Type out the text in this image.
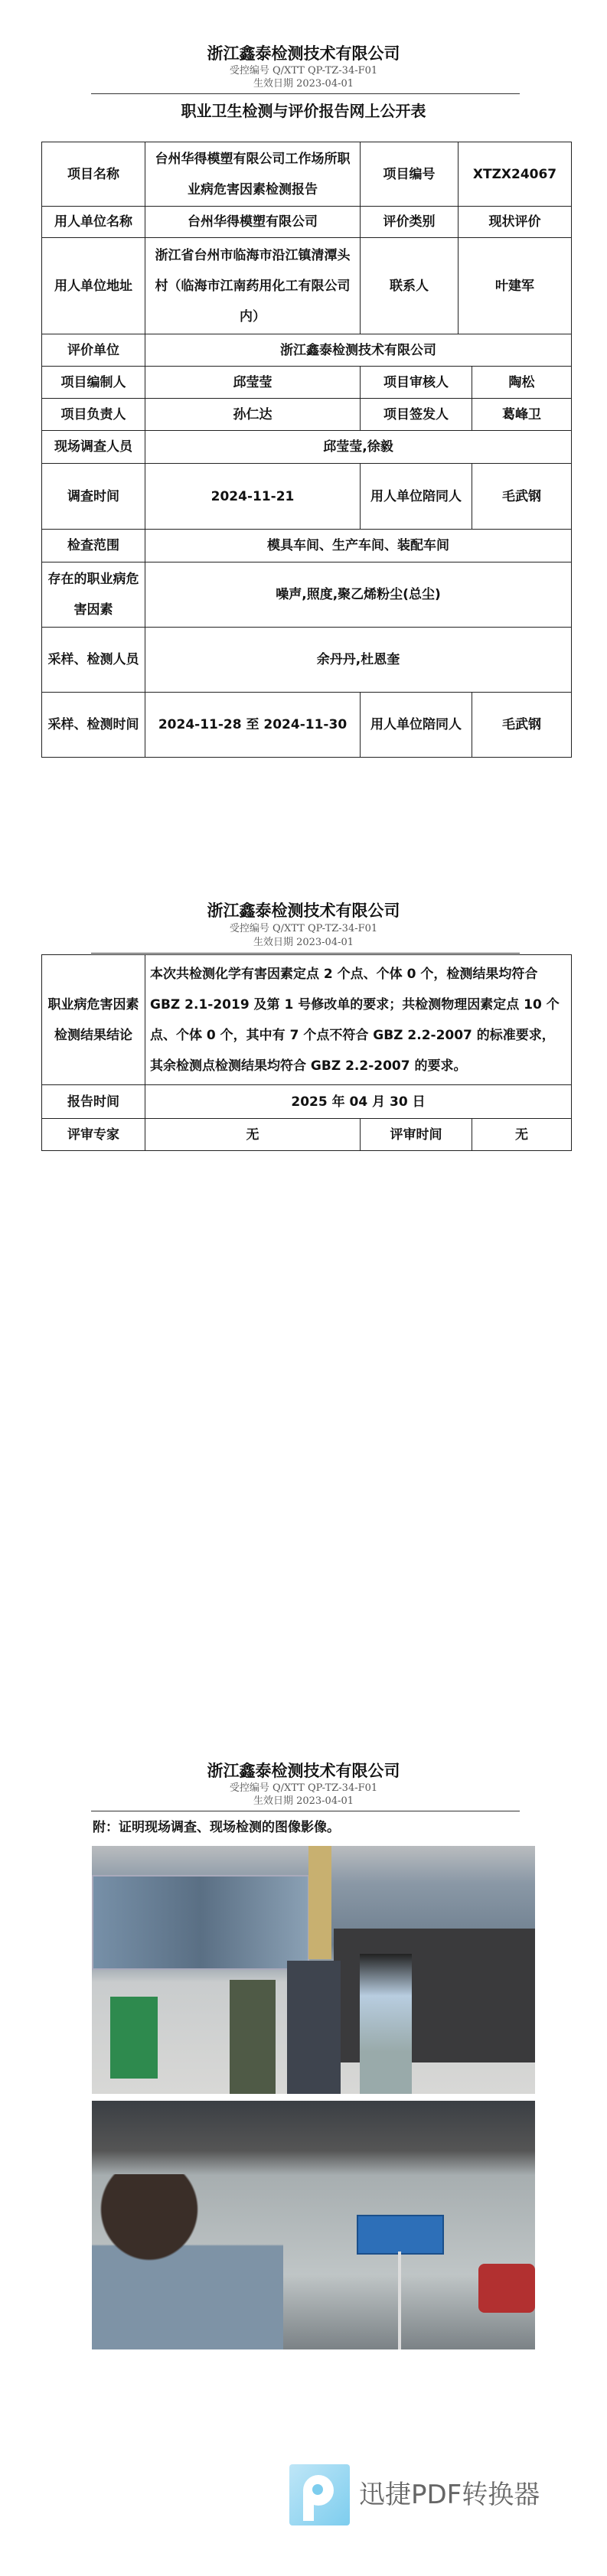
浙江鑫泰检测技术有限公司
受控编号 Q/XTT QP-TZ-34-F01
生效日期 2023-04-01
职业卫生检测与评价报告网上公开表
项目名称	台州华得模塑有限公司工作场所职业病危害因素检测报告	项目编号	XTZX24067	
用人单位名称	台州华得模塑有限公司	评价类别	现状评价	
用人单位地址	浙江省台州市临海市沿江镇清潭头村（临海市江南药用化工有限公司内）	联系人	叶建军	
评价单位	浙江鑫泰检测技术有限公司			
项目编制人	邱莹莹	项目审核人		陶松
项目负责人	孙仁达	项目签发人		葛峰卫
现场调查人员	邱莹莹,徐毅			
调查时间	2024-11-21	用人单位陪同人		毛武钢
检查范围	模具车间、生产车间、装配车间			
存在的职业病危害因素	噪声,照度,聚乙烯粉尘(总尘)			
采样、检测人员	余丹丹,杜恩奎			
采样、检测时间	2024-11-28 至 2024-11-30	用人单位陪同人		毛武钢
浙江鑫泰检测技术有限公司
受控编号 Q/XTT QP-TZ-34-F01
生效日期 2023-04-01
职业病危害因素检测结果结论	本次共检测化学有害因素定点 2 个点、个体 0 个，检测结果均符合 GBZ 2.1-2019 及第 1 号修改单的要求；共检测物理因素定点 10 个点、个体 0 个，其中有 7 个点不符合 GBZ 2.2-2007 的标准要求，其余检测点检测结果均符合 GBZ 2.2-2007 的要求。		
报告时间	2025 年 04 月 30 日		
评审专家	无	评审时间	无
浙江鑫泰检测技术有限公司
受控编号 Q/XTT QP-TZ-34-F01
生效日期 2023-04-01
附：证明现场调查、现场检测的图像影像。
迅捷PDF转换器
